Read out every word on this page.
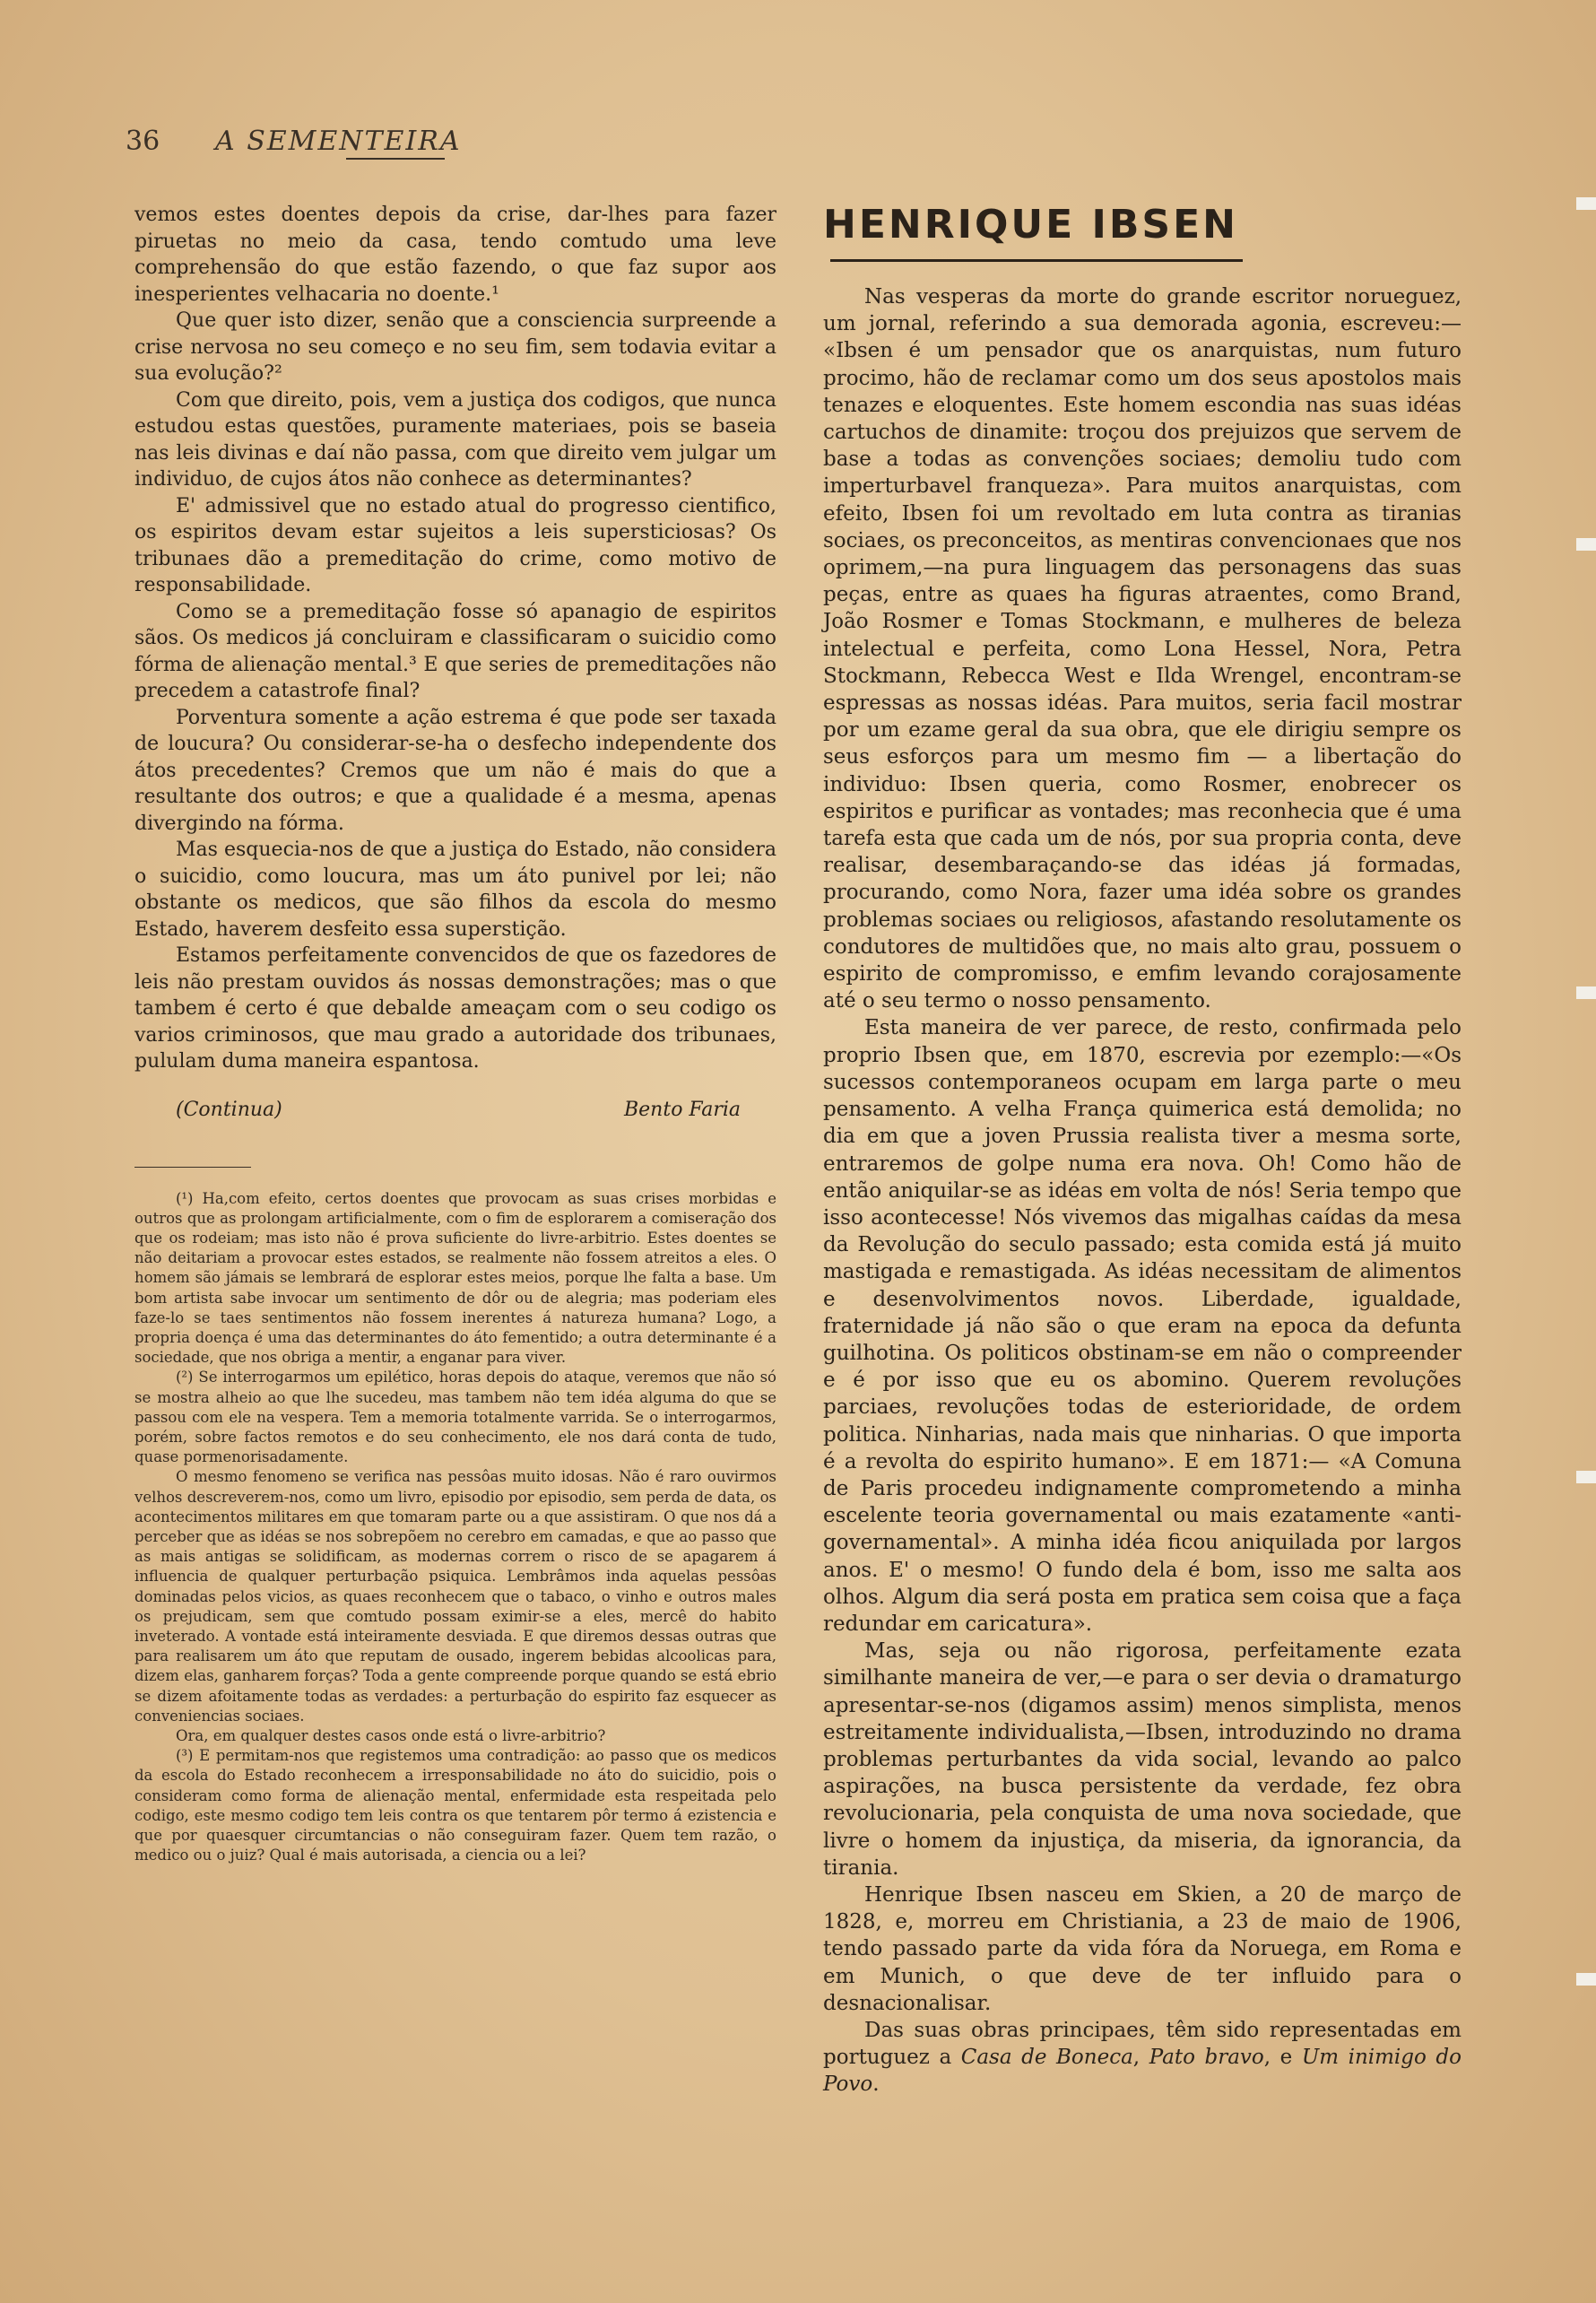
36 A SEMENTEIRA

vemos estes doentes depois da crise, dar-lhes para fazer piruetas no meio da casa, tendo comtudo uma leve comprehensão do que estão fazendo, o que faz supor aos inesperientes velhacaria no doente.¹

Que quer isto dizer, senão que a consciencia surpreende a crise nervosa no seu começo e no seu fim, sem todavia evitar a sua evolução?²

Com que direito, pois, vem a justiça dos codigos, que nunca estudou estas questões, puramente materiaes, pois se baseia nas leis divinas e daí não passa, com que direito vem julgar um individuo, de cujos átos não conhece as determinantes?

E' admissivel que no estado atual do progresso cientifico, os espiritos devam estar sujeitos a leis supersticiosas? Os tribunaes dão a premeditação do crime, como motivo de responsabilidade.

Como se a premeditação fosse só apanagio de espiritos sãos. Os medicos já concluiram e classificaram o suicidio como fórma de alienação mental.³ E que series de premeditações não precedem a catastrofe final?

Porventura somente a ação estrema é que pode ser taxada de loucura? Ou considerar-se-ha o desfecho independente dos átos precedentes? Cremos que um não é mais do que a resultante dos outros; e que a qualidade é a mesma, apenas divergindo na fórma.

Mas esquecia-nos de que a justiça do Estado, não considera o suicidio, como loucura, mas um áto punivel por lei; não obstante os medicos, que são filhos da escola do mesmo Estado, haverem desfeito essa superstição.

Estamos perfeitamente convencidos de que os fazedores de leis não prestam ouvidos ás nossas demonstrações; mas o que tambem é certo é que debalde ameaçam com o seu codigo os varios criminosos, que mau grado a autoridade dos tribunaes, pululam duma maneira espantosa.

(Continua)	Bento Faria

(¹) Ha,com efeito, certos doentes que provocam as suas crises morbidas e outros que as prolongam artificialmente, com o fim de esplorarem a comiseração dos que os rodeiam; mas isto não é prova suficiente do livre-arbitrio. Estes doentes se não deitariam a provocar estes estados, se realmente não fossem atreitos a eles. O homem são jámais se lembrará de esplorar estes meios, porque lhe falta a base. Um bom artista sabe invocar um sentimento de dôr ou de alegria; mas poderiam eles faze-lo se taes sentimentos não fossem inerentes á natureza humana? Logo, a propria doença é uma das determinantes do áto fementido; a outra determinante é a sociedade, que nos obriga a mentir, a enganar para viver.

(²) Se interrogarmos um epilético, horas depois do ataque, veremos que não só se mostra alheio ao que lhe sucedeu, mas tambem não tem idéa alguma do que se passou com ele na vespera. Tem a memoria totalmente varrida. Se o interrogarmos, porém, sobre factos remotos e do seu conhecimento, ele nos dará conta de tudo, quase pormenorisadamente.

O mesmo fenomeno se verifica nas pessôas muito idosas. Não é raro ouvirmos velhos descreverem-nos, como um livro, episodio por episodio, sem perda de data, os acontecimentos militares em que tomaram parte ou a que assistiram. O que nos dá a perceber que as idéas se nos sobrepõem no cerebro em camadas, e que ao passo que as mais antigas se solidificam, as modernas correm o risco de se apagarem á influencia de qualquer perturbação psiquica. Lembrâmos inda aquelas pessôas dominadas pelos vicios, as quaes reconhecem que o tabaco, o vinho e outros males os prejudicam, sem que comtudo possam eximir-se a eles, mercê do habito inveterado. A vontade está inteiramente desviada. E que diremos dessas outras que para realisarem um áto que reputam de ousado, ingerem bebidas alcoolicas para, dizem elas, ganharem forças? Toda a gente compreende porque quando se está ebrio se dizem afoitamente todas as verdades: a perturbação do espirito faz esquecer as conveniencias sociaes.

Ora, em qualquer destes casos onde está o livre-arbitrio?

(³) E permitam-nos que registemos uma contradição: ao passo que os medicos da escola do Estado reconhecem a irresponsabilidade no áto do suicidio, pois o consideram como forma de alienação mental, enfermidade esta respeitada pelo codigo, este mesmo codigo tem leis contra os que tentarem pôr termo á ezistencia e que por quaesquer circumtancias o não conseguiram fazer. Quem tem razão, o medico ou o juiz? Qual é mais autorisada, a ciencia ou a lei?

HENRIQUE IBSEN

Nas vesperas da morte do grande escritor norueguez, um jornal, referindo a sua demorada agonia, escreveu:— «Ibsen é um pensador que os anarquistas, num futuro procimo, hão de reclamar como um dos seus apostolos mais tenazes e eloquentes. Este homem escondia nas suas idéas cartuchos de dinamite: troçou dos prejuizos que servem de base a todas as convenções sociaes; demoliu tudo com imperturbavel franqueza». Para muitos anarquistas, com efeito, Ibsen foi um revoltado em luta contra as tiranias sociaes, os preconceitos, as mentiras convencionaes que nos oprimem,—na pura linguagem das personagens das suas peças, entre as quaes ha figuras atraentes, como Brand, João Rosmer e Tomas Stockmann, e mulheres de beleza intelectual e perfeita, como Lona Hessel, Nora, Petra Stockmann, Rebecca West e Ilda Wrengel, encontram-se espressas as nossas idéas. Para muitos, seria facil mostrar por um ezame geral da sua obra, que ele dirigiu sempre os seus esforços para um mesmo fim — a libertação do individuo: Ibsen queria, como Rosmer, enobrecer os espiritos e purificar as vontades; mas reconhecia que é uma tarefa esta que cada um de nós, por sua propria conta, deve realisar, desembaraçando-se das idéas já formadas, procurando, como Nora, fazer uma idéa sobre os grandes problemas sociaes ou religiosos, afastando resolutamente os condutores de multidões que, no mais alto grau, possuem o espirito de compromisso, e emfim levando corajosamente até o seu termo o nosso pensamento.

Esta maneira de ver parece, de resto, confirmada pelo proprio Ibsen que, em 1870, escrevia por ezemplo:—«Os sucessos contemporaneos ocupam em larga parte o meu pensamento. A velha França quimerica está demolida; no dia em que a joven Prussia realista tiver a mesma sorte, entraremos de golpe numa era nova. Oh! Como hão de então aniquilar-se as idéas em volta de nós! Seria tempo que isso acontecesse! Nós vivemos das migalhas caídas da mesa da Revolução do seculo passado; esta comida está já muito mastigada e remastigada. As idéas necessitam de alimentos e desenvolvimentos novos. Liberdade, igualdade, fraternidade já não são o que eram na epoca da defunta guilhotina. Os politicos obstinam-se em não o compreender e é por isso que eu os abomino. Querem revoluções parciaes, revoluções todas de esterioridade, de ordem politica. Ninharias, nada mais que ninharias. O que importa é a revolta do espirito humano». E em 1871:— «A Comuna de Paris procedeu indignamente comprometendo a minha escelente teoria governamental ou mais ezatamente «anti-governamental». A minha idéa ficou aniquilada por largos anos. E' o mesmo! O fundo dela é bom, isso me salta aos olhos. Algum dia será posta em pratica sem coisa que a faça redundar em caricatura».

Mas, seja ou não rigorosa, perfeitamente ezata similhante maneira de ver,—e para o ser devia o dramaturgo apresentar-se-nos (digamos assim) menos simplista, menos estreitamente individualista,—Ibsen, introduzindo no drama problemas perturbantes da vida social, levando ao palco aspirações, na busca persistente da verdade, fez obra revolucionaria, pela conquista de uma nova sociedade, que livre o homem da injustiça, da miseria, da ignorancia, da tirania.

Henrique Ibsen nasceu em Skien, a 20 de março de 1828, e, morreu em Christiania, a 23 de maio de 1906, tendo passado parte da vida fóra da Noruega, em Roma e em Munich, o que deve de ter influido para o desnacionalisar.

Das suas obras principaes, têm sido representadas em portuguez a Casa de Boneca, Pato bravo, e Um inimigo do Povo.
